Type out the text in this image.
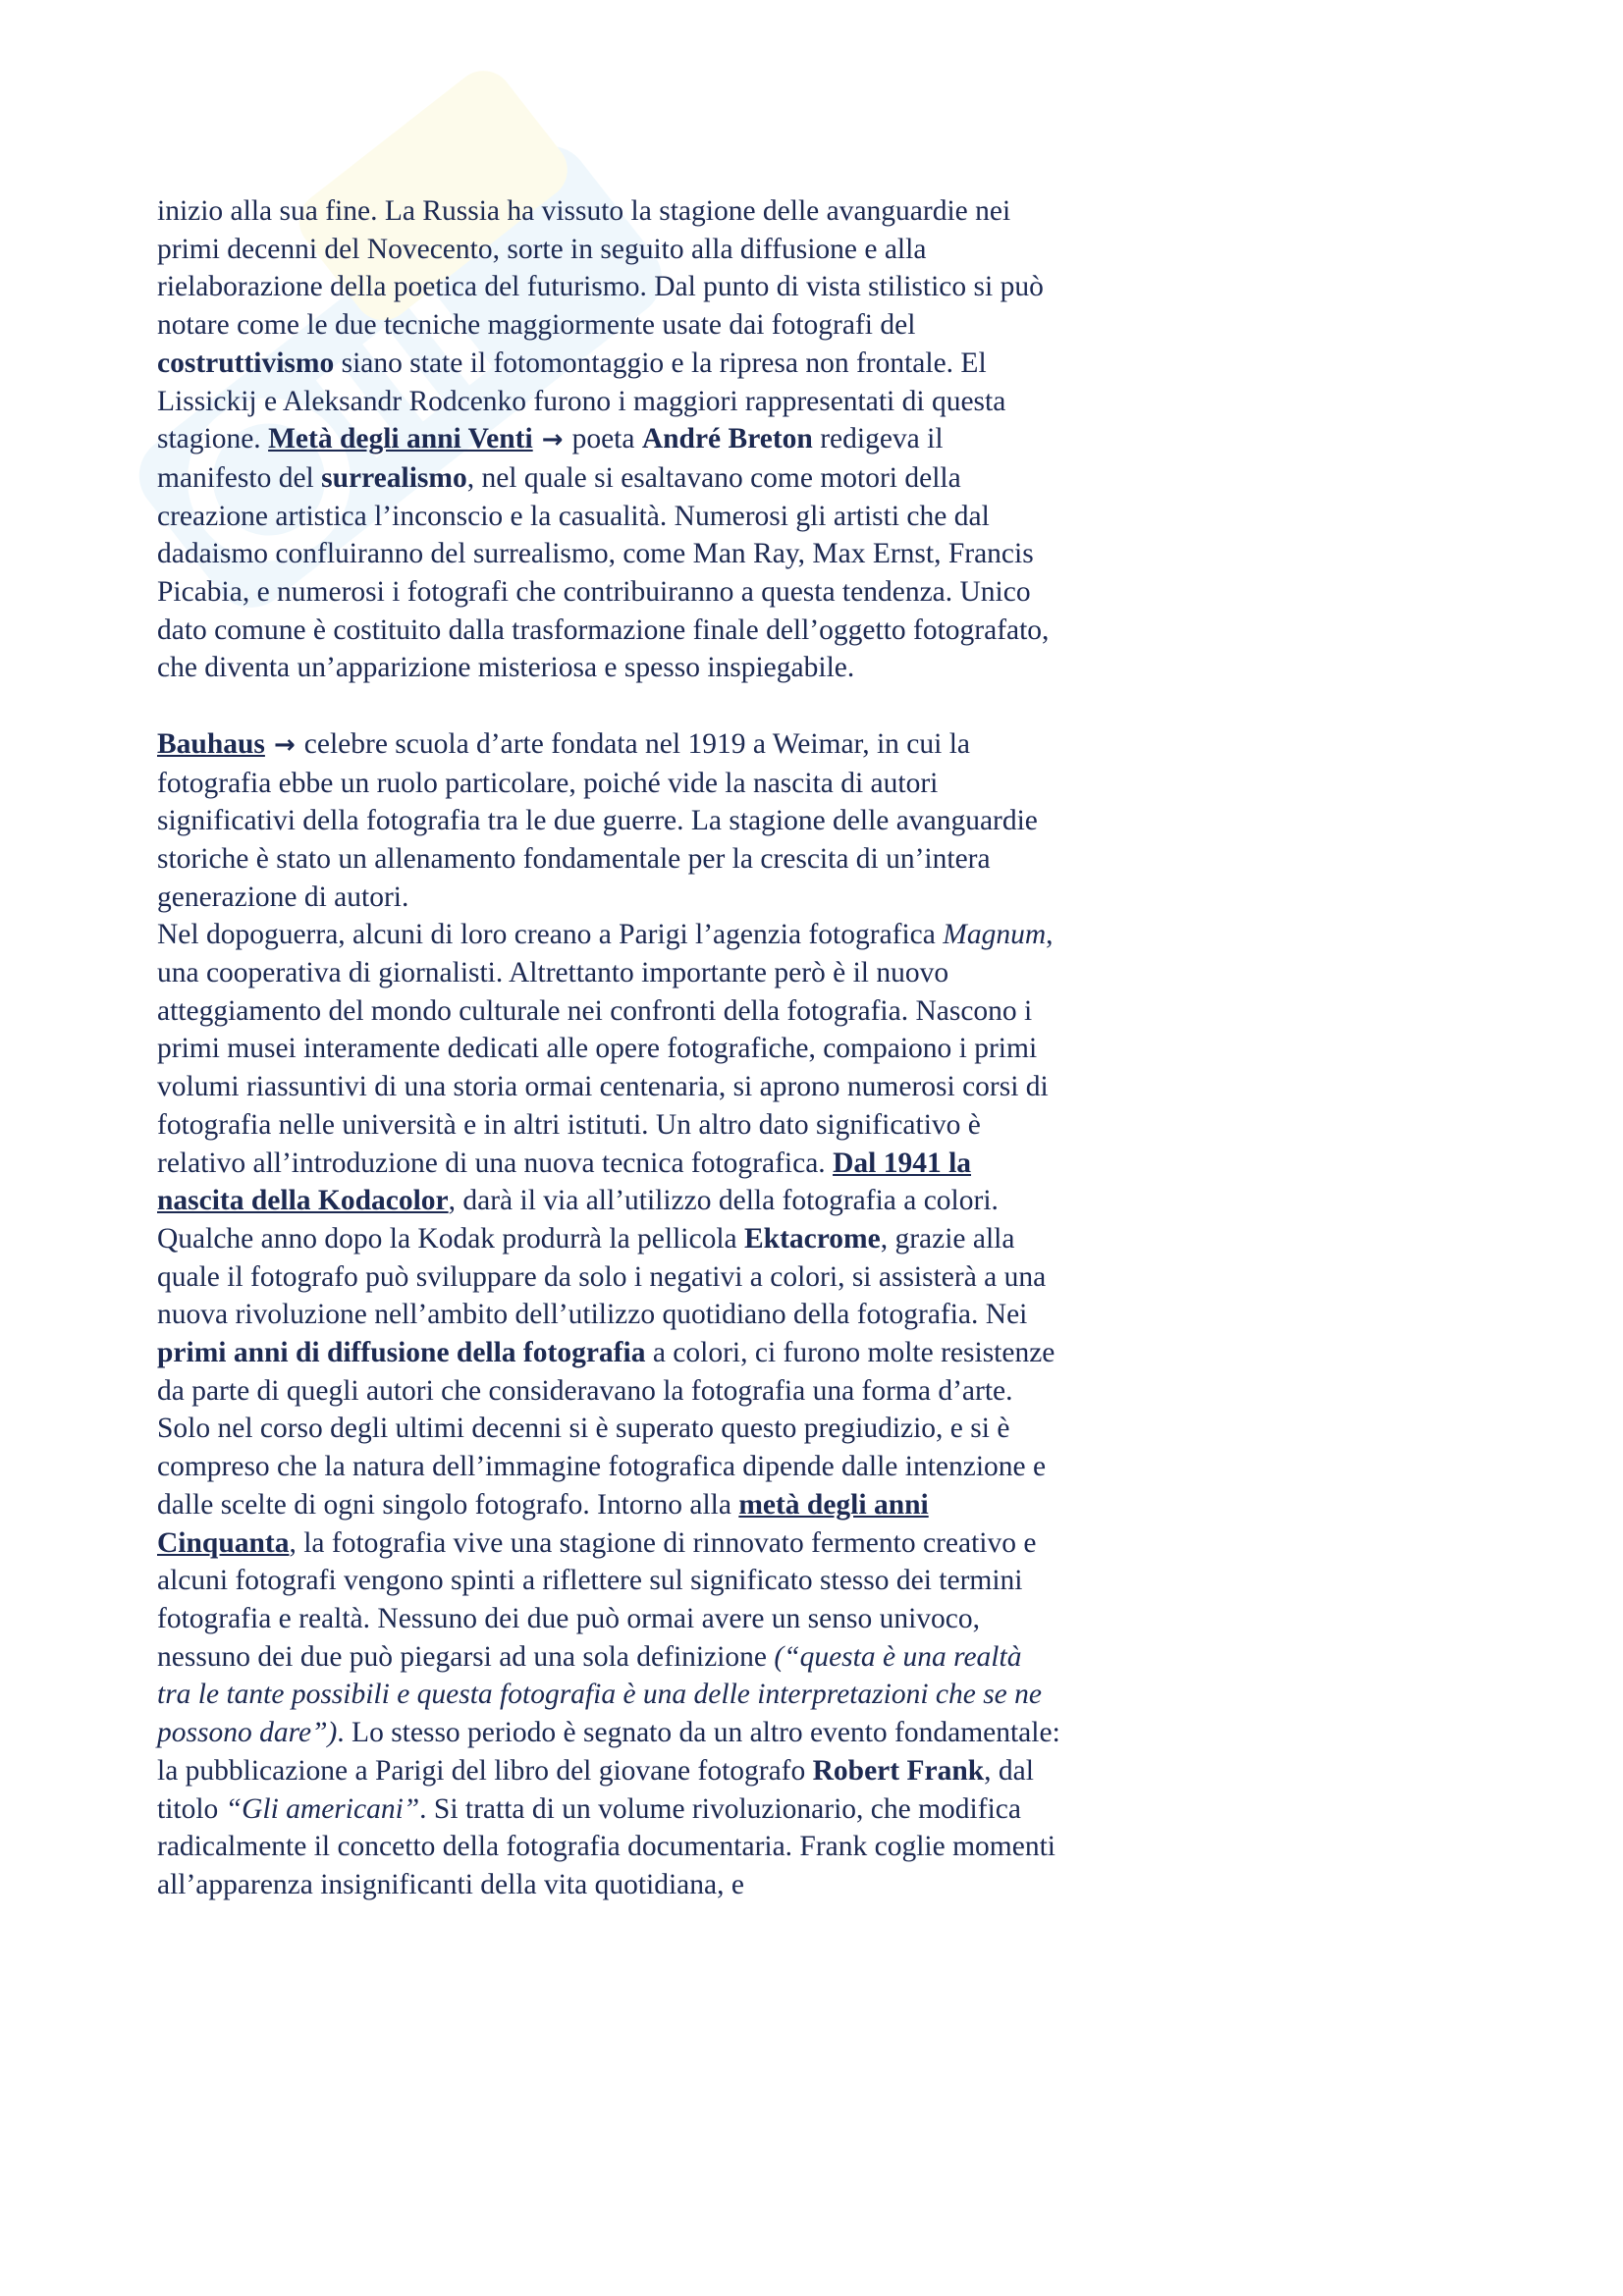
inizio alla sua fine. La Russia ha vissuto la stagione delle avanguardie nei primi decenni del Novecento, sorte in seguito alla diffusione e alla rielaborazione della poetica del futurismo. Dal punto di vista stilistico si può notare come le due tecniche maggiormente usate dai fotografi del costruttivismo siano state il fotomontaggio e la ripresa non frontale. El Lissickij e Aleksandr Rodcenko furono i maggiori rappresentati di questa stagione. Metà degli anni Venti → poeta André Breton redigeva il manifesto del surrealismo, nel quale si esaltavano come motori della creazione artistica l’inconscio e la casualità. Numerosi gli artisti che dal dadaismo confluiranno del surrealismo, come Man Ray, Max Ernst, Francis Picabia, e numerosi i fotografi che contribuiranno a questa tendenza. Unico dato comune è costituito dalla trasformazione finale dell’oggetto fotografato, che diventa un’apparizione misteriosa e spesso inspiegabile.

Bauhaus → celebre scuola d’arte fondata nel 1919 a Weimar, in cui la fotografia ebbe un ruolo particolare, poiché vide la nascita di autori significativi della fotografia tra le due guerre. La stagione delle avanguardie storiche è stato un allenamento fondamentale per la crescita di un’intera generazione di autori.

Nel dopoguerra, alcuni di loro creano a Parigi l’agenzia fotografica Magnum, una cooperativa di giornalisti. Altrettanto importante però è il nuovo atteggiamento del mondo culturale nei confronti della fotografia. Nascono i primi musei interamente dedicati alle opere fotografiche, compaiono i primi volumi riassuntivi di una storia ormai centenaria, si aprono numerosi corsi di fotografia nelle università e in altri istituti. Un altro dato significativo è relativo all’introduzione di una nuova tecnica fotografica. Dal 1941 la nascita della Kodacolor, darà il via all’utilizzo della fotografia a colori. Qualche anno dopo la Kodak produrrà la pellicola Ektacrome, grazie alla quale il fotografo può sviluppare da solo i negativi a colori, si assisterà a una nuova rivoluzione nell’ambito dell’utilizzo quotidiano della fotografia. Nei primi anni di diffusione della fotografia a colori, ci furono molte resistenze da parte di quegli autori che consideravano la fotografia una forma d’arte. Solo nel corso degli ultimi decenni si è superato questo pregiudizio, e si è compreso che la natura dell’immagine fotografica dipende dalle intenzione e dalle scelte di ogni singolo fotografo. Intorno alla metà degli anni Cinquanta, la fotografia vive una stagione di rinnovato fermento creativo e alcuni fotografi vengono spinti a riflettere sul significato stesso dei termini fotografia e realtà. Nessuno dei due può ormai avere un senso univoco, nessuno dei due può piegarsi ad una sola definizione (“questa è una realtà tra le tante possibili e questa fotografia è una delle interpretazioni che se ne possono dare”). Lo stesso periodo è segnato da un altro evento fondamentale: la pubblicazione a Parigi del libro del giovane fotografo Robert Frank, dal titolo “Gli americani”. Si tratta di un volume rivoluzionario, che modifica radicalmente il concetto della fotografia documentaria. Frank coglie momenti all’apparenza insignificanti della vita quotidiana, e
